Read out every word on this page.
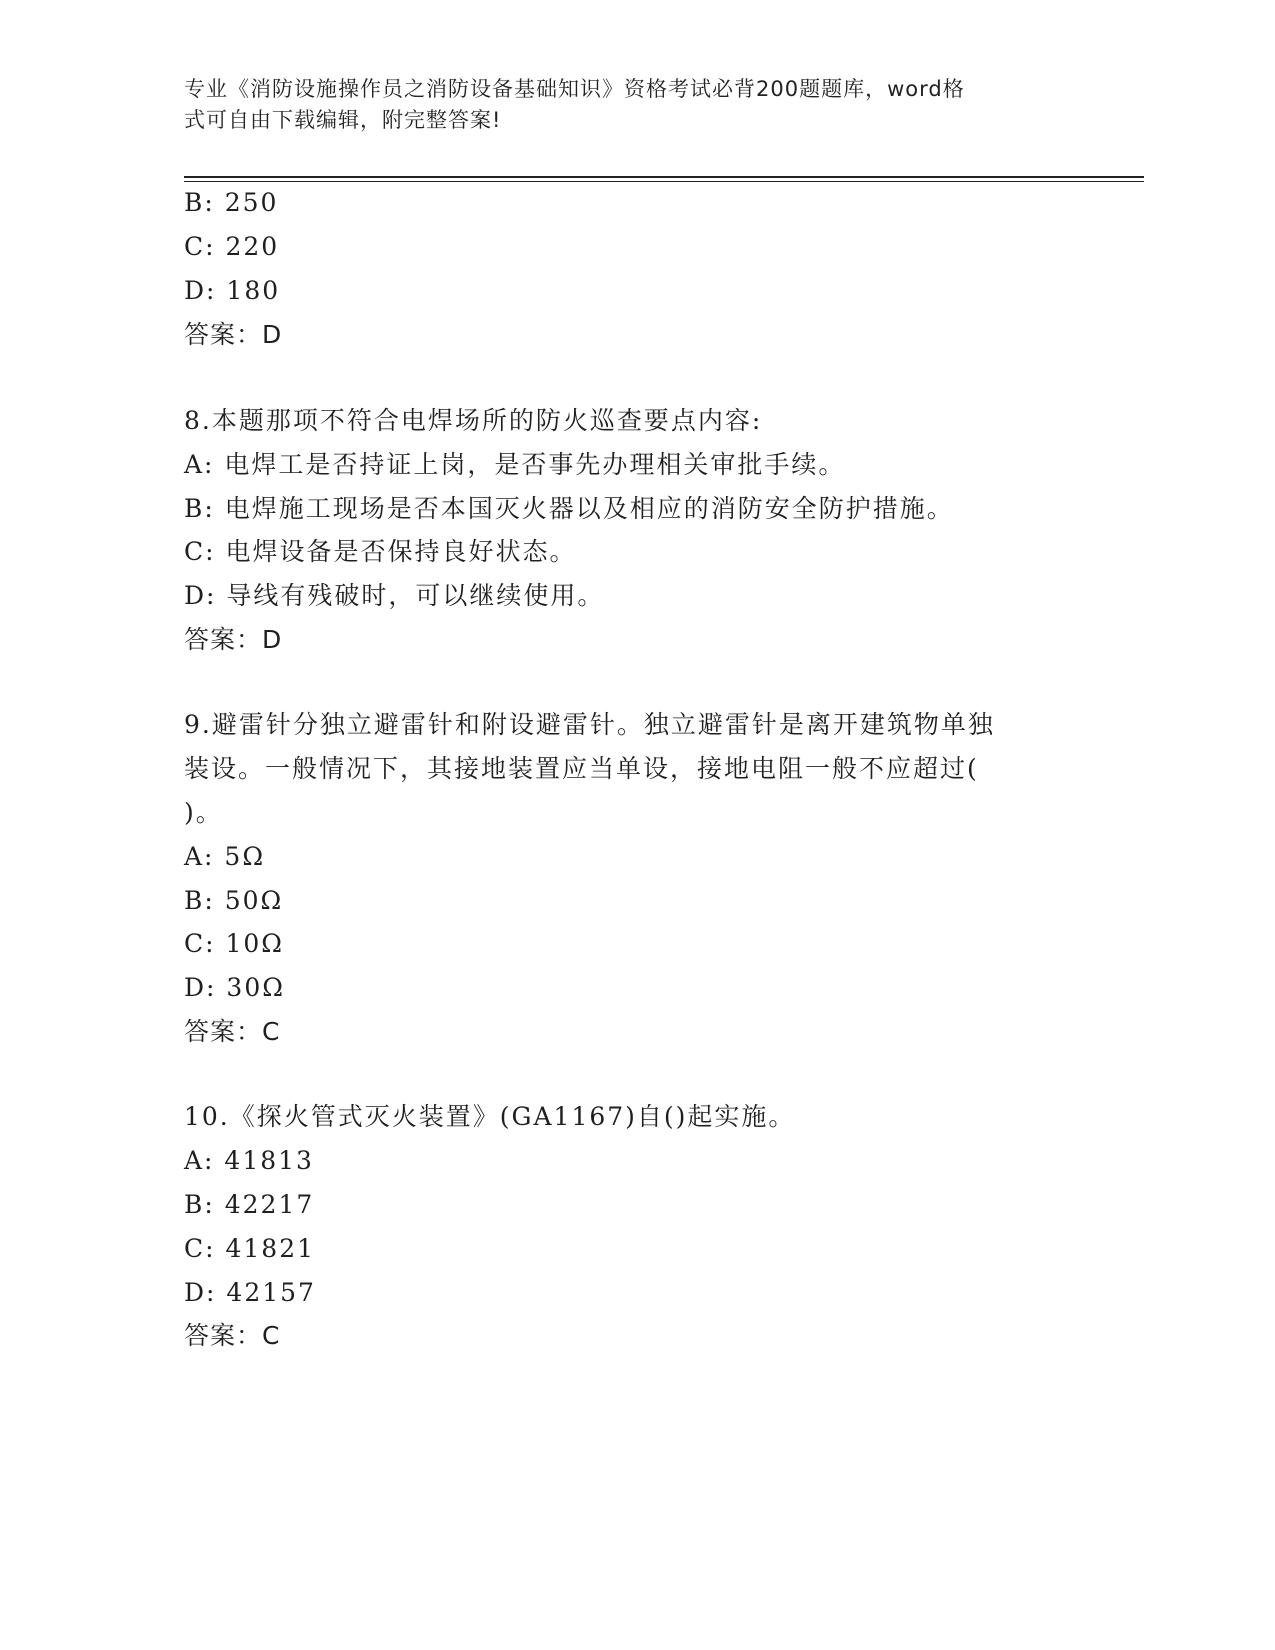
专业《消防设施操作员之消防设备基础知识》资格考试必背200题题库，word格
式可自由下载编辑，附完整答案!
B: 250
C: 220
D: 180
答案：D
8.本题那项不符合电焊场所的防火巡查要点内容:
A: 电焊工是否持证上岗，是否事先办理相关审批手续。
B: 电焊施工现场是否本国灭火器以及相应的消防安全防护措施。
C: 电焊设备是否保持良好状态。
D: 导线有残破时，可以继续使用。
答案：D
9.避雷针分独立避雷针和附设避雷针。独立避雷针是离开建筑物单独
装设。一般情况下，其接地装置应当单设，接地电阻一般不应超过(
)。
A: 5Ω
B: 50Ω
C: 10Ω
D: 30Ω
答案：C
10.《探火管式灭火装置》(GA1167)自()起实施。
A: 41813
B: 42217
C: 41821
D: 42157
答案：C
